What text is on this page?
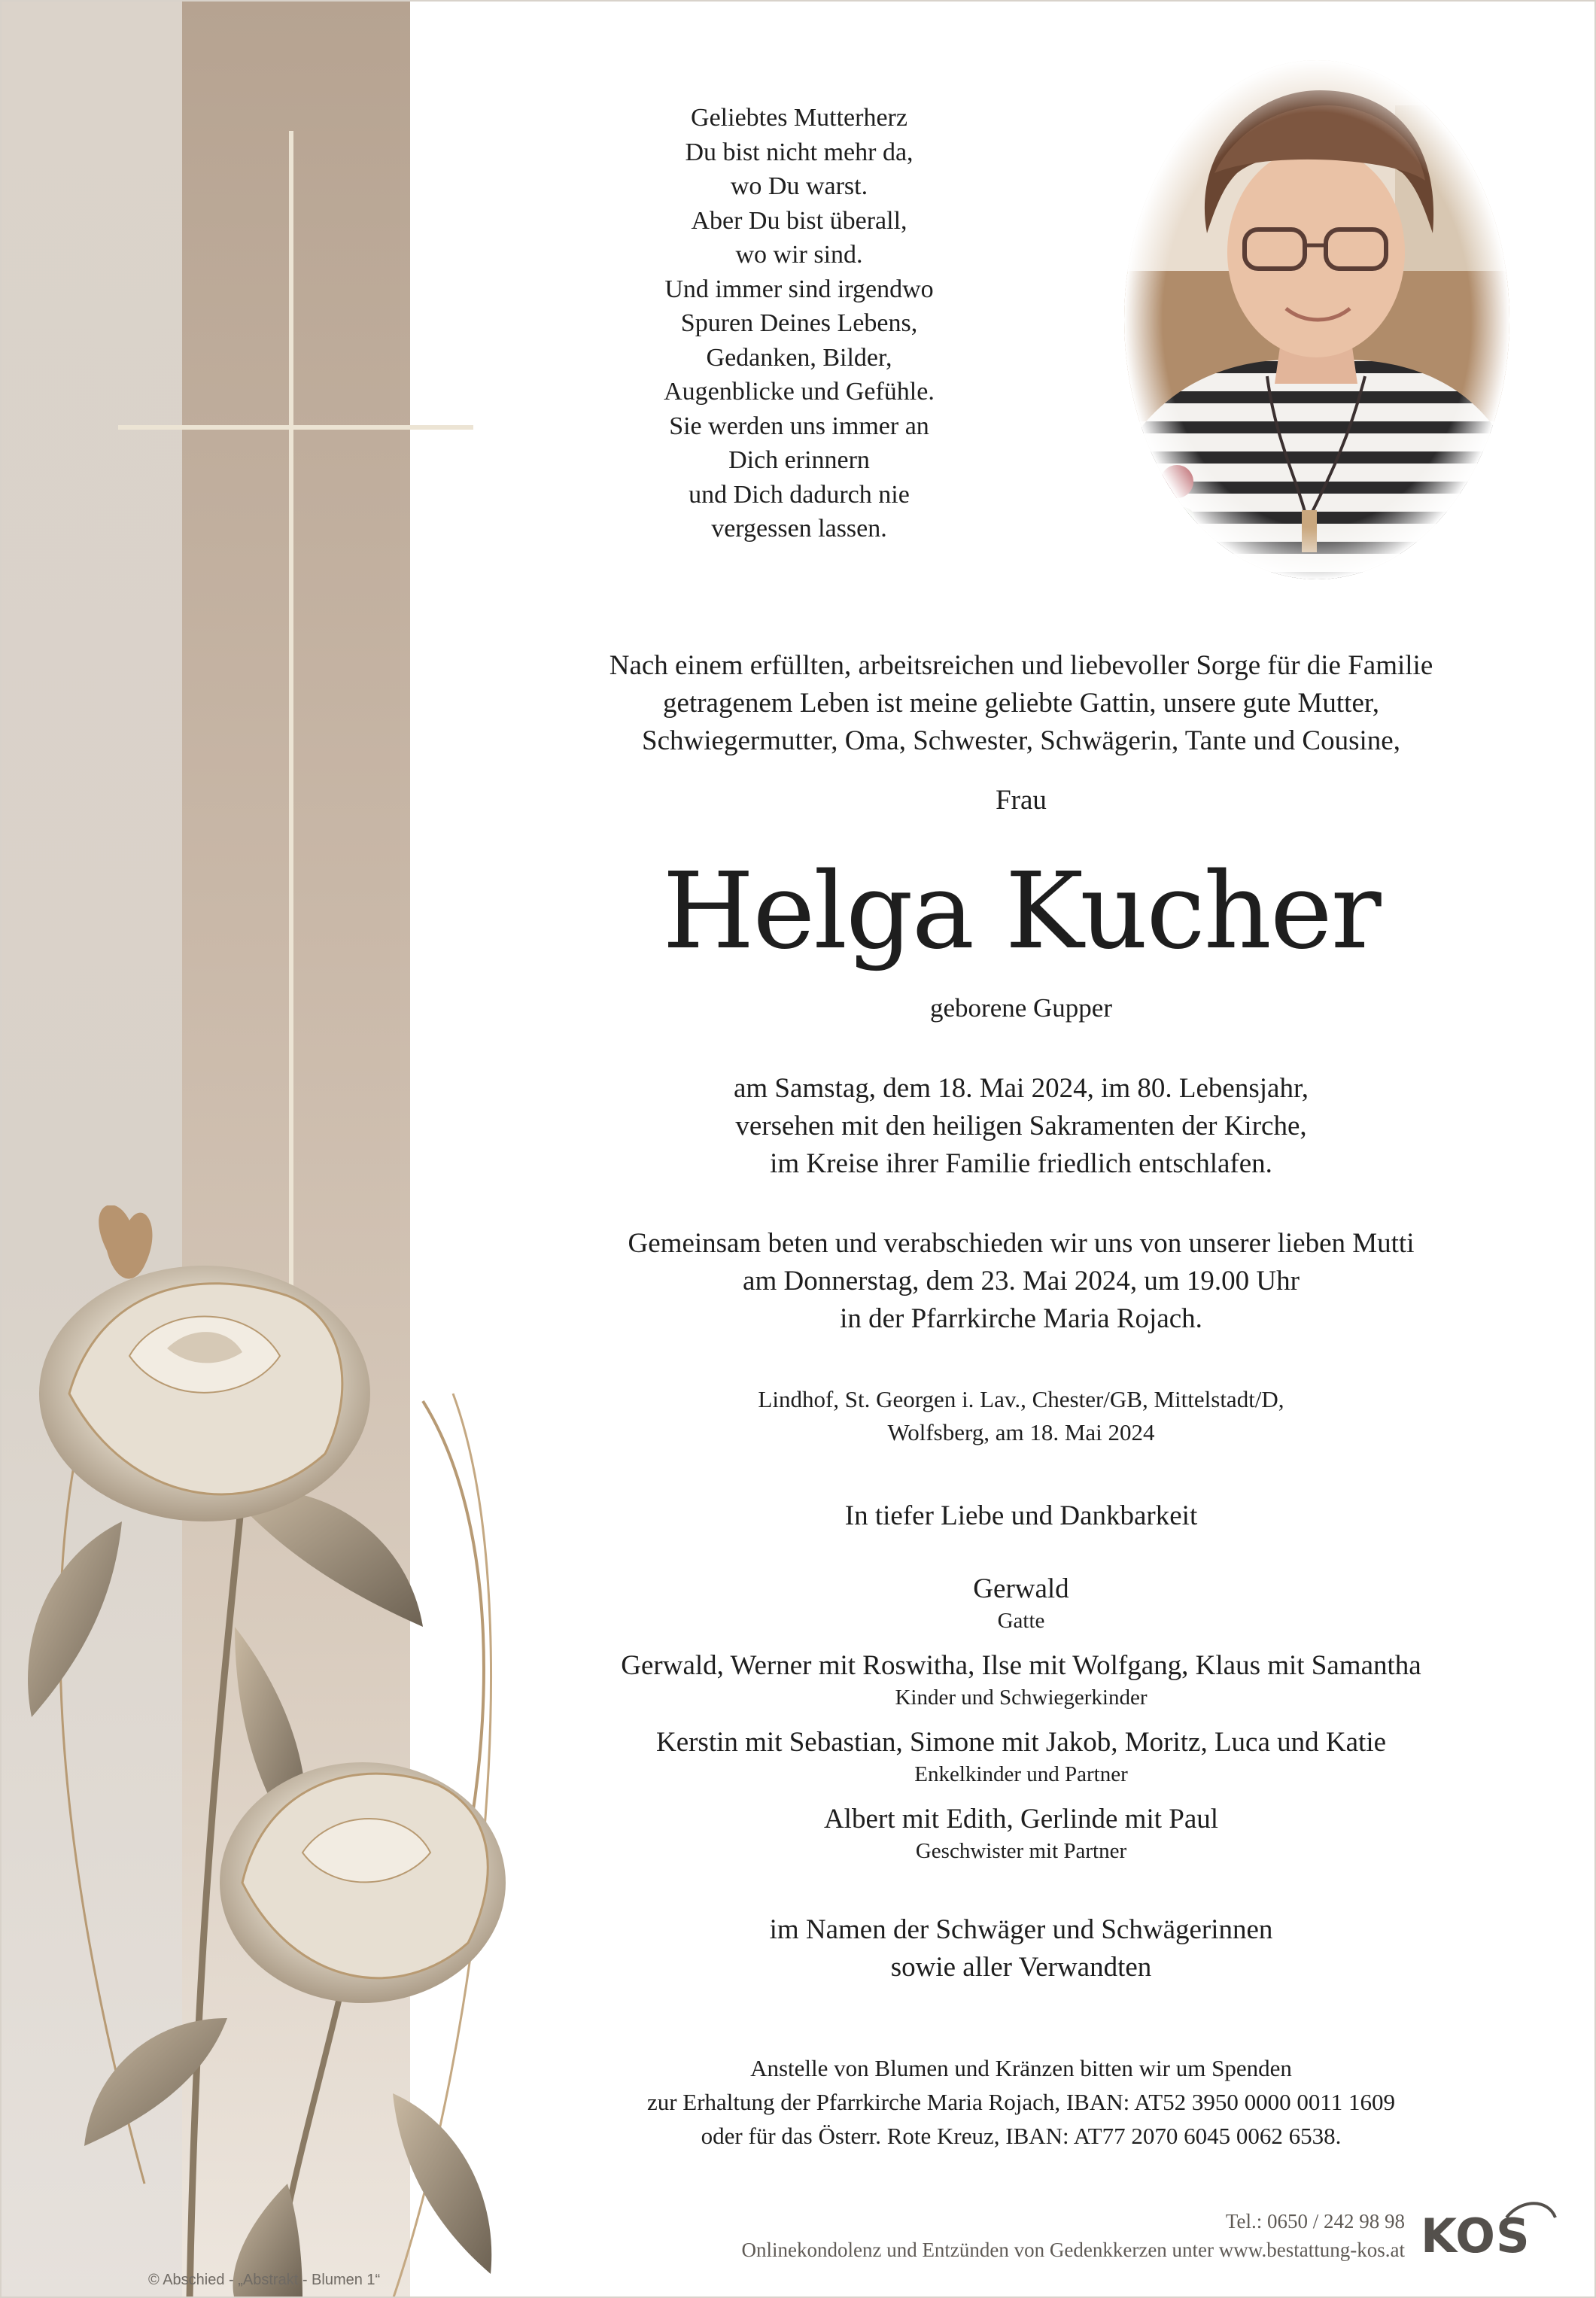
Geliebtes Mutterherz
Du bist nicht mehr da,
wo Du warst.
Aber Du bist überall,
wo wir sind.
Und immer sind irgendwo
Spuren Deines Lebens,
Gedanken, Bilder,
Augenblicke und Gefühle.
Sie werden uns immer an
Dich erinnern
und Dich dadurch nie
vergessen lassen.
Nach einem erfüllten, arbeitsreichen und liebevoller Sorge für die Familie
getragenem Leben ist meine geliebte Gattin, unsere gute Mutter,
Schwiegermutter, Oma, Schwester, Schwägerin, Tante und Cousine,
Frau
Helga Kucher
geborene Gupper
am Samstag, dem 18. Mai 2024, im 80. Lebensjahr,
versehen mit den heiligen Sakramenten der Kirche,
im Kreise ihrer Familie friedlich entschlafen.
Gemeinsam beten und verabschieden wir uns von unserer lieben Mutti
am Donnerstag, dem 23. Mai 2024, um 19.00 Uhr
in der Pfarrkirche Maria Rojach.
Lindhof, St. Georgen i. Lav., Chester/GB, Mittelstadt/D,
Wolfsberg, am 18. Mai 2024
In tiefer Liebe und Dankbarkeit
Gerwald
Gatte
Gerwald, Werner mit Roswitha, Ilse mit Wolfgang, Klaus mit Samantha
Kinder und Schwiegerkinder
Kerstin mit Sebastian, Simone mit Jakob, Moritz, Luca und Katie
Enkelkinder und Partner
Albert mit Edith, Gerlinde mit Paul
Geschwister mit Partner
im Namen der Schwäger und Schwägerinnen
sowie aller Verwandten
Anstelle von Blumen und Kränzen bitten wir um Spenden
zur Erhaltung der Pfarrkirche Maria Rojach, IBAN: AT52 3950 0000 0011 1609
oder für das Österr. Rote Kreuz, IBAN: AT77 2070 6045 0062 6538.
Tel.: 0650 / 242 98 98
Onlinekondolenz und Entzünden von Gedenkkerzen unter www.bestattung-kos.at KOS
© Abschied - „Abstrakt - Blumen 1“
